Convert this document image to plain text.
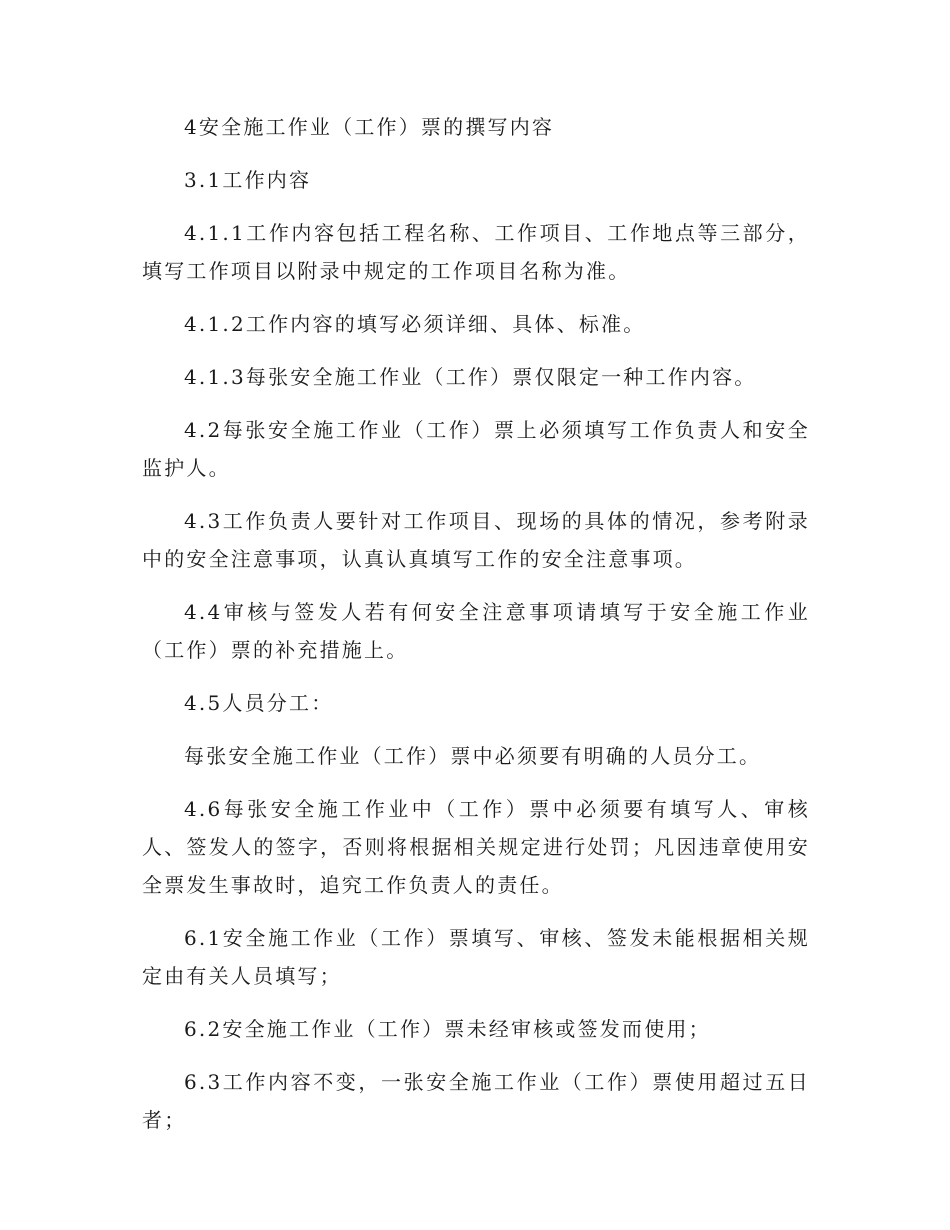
4安全施工作业（工作）票的撰写内容

3.1工作内容

4.1.1工作内容包括工程名称、工作项目、工作地点等三部分，填写工作项目以附录中规定的工作项目名称为准。

4.1.2工作内容的填写必须详细、具体、标准。

4.1.3每张安全施工作业（工作）票仅限定一种工作内容。

4.2每张安全施工作业（工作）票上必须填写工作负责人和安全监护人。

4.3工作负责人要针对工作项目、现场的具体的情况，参考附录中的安全注意事项，认真认真填写工作的安全注意事项。

4.4审核与签发人若有何安全注意事项请填写于安全施工作业（工作）票的补充措施上。

4.5人员分工：

每张安全施工作业（工作）票中必须要有明确的人员分工。

4.6每张安全施工作业中（工作）票中必须要有填写人、审核人、签发人的签字，否则将根据相关规定进行处罚；凡因违章使用安全票发生事故时，追究工作负责人的责任。

6.1安全施工作业（工作）票填写、审核、签发未能根据相关规定由有关人员填写；

6.2安全施工作业（工作）票未经审核或签发而使用；

6.3工作内容不变，一张安全施工作业（工作）票使用超过五日者；
